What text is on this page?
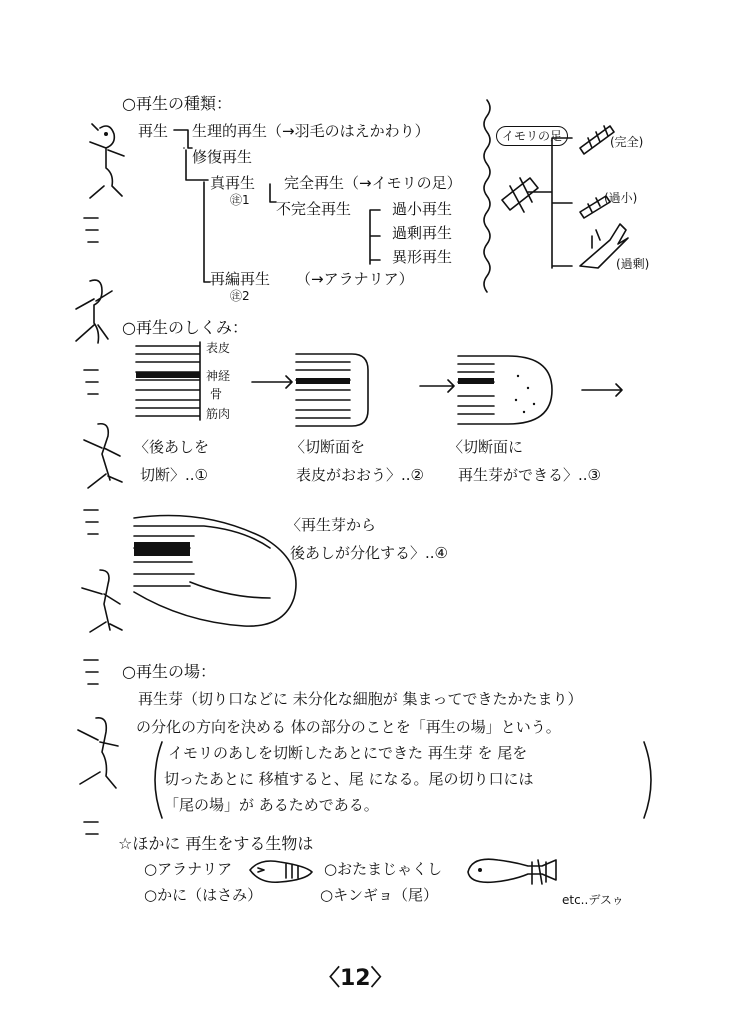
○再生の種類：
再生 生理的再生（→羽毛のはえかわり）
修復再生
真再生
㊟1
完全再生（→イモリの足）
不完全再生	過小再生
過剰再生
異形再生
再編再生
㊟2
（→アラナリア）
イモリの足	(完全)
(過小)
(過剰)
○再生のしくみ：
表皮
神経
骨
筋肉
〈後あしを
切断〉..①
〈切断面を
表皮がおおう〉..②
〈切断面に
再生芽ができる〉..③
〈再生芽から
後あしが分化する〉..④
○再生の場：
再生芽（切り口などに 未分化な細胞が 集まってできたかたまり）
の分化の方向を決める 体の部分のことを「再生の場」という。
イモリのあしを切断したあとにできた 再生芽 を 尾を
切ったあとに 移植すると、尾 になる。尾の切り口には
「尾の場」が あるためである。
☆ほかに 再生をする生物は
○アラナリア	○おたまじゃくし
○かに（はさみ）	○キンギョ（尾）	etc..デスゥ
〈12〉
